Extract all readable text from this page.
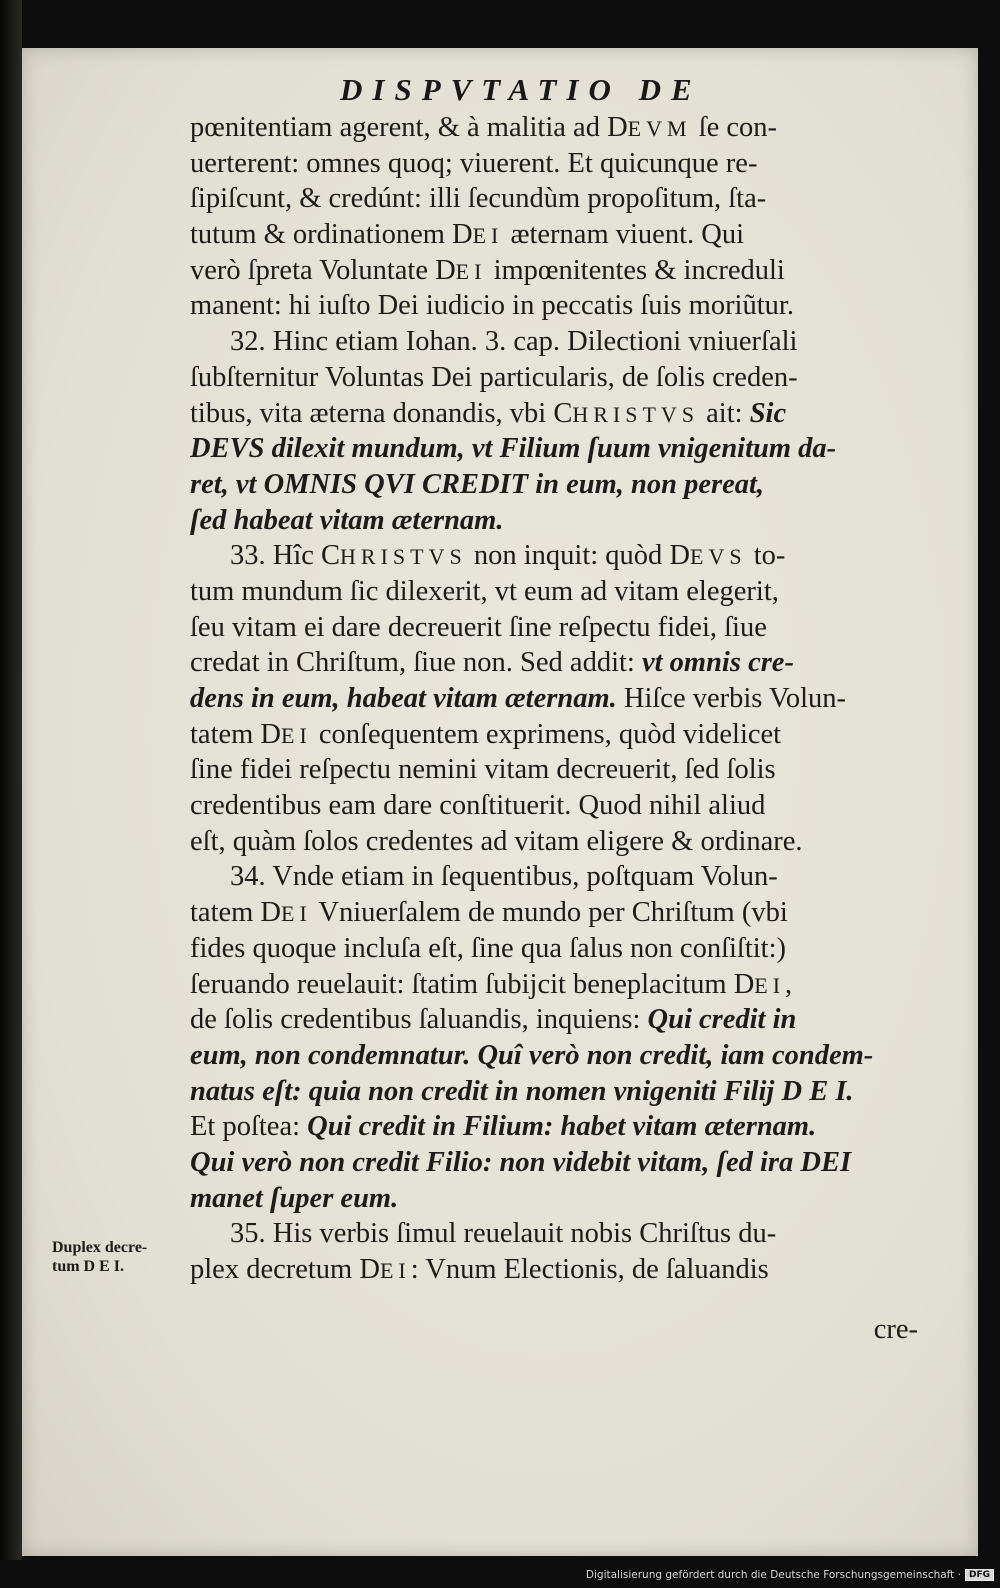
DISPVTATIO DE
Duplex decre-
tum D E I.
pœnitentiam agerent, & à malitia ad DEVM ſe con-
uerterent: omnes quoq; viuerent. Et quicunque re-
ſipiſcunt, & credúnt: illi ſecundùm propoſitum, ſta-
tutum & ordinationem DEI æternam viuent. Qui
verò ſpreta Voluntate DEI impœnitentes & increduli
manent: hi iuſto Dei iudicio in peccatis ſuis moriũtur.
32. Hinc etiam Iohan. 3. cap. Dilectioni vniuerſali
ſubſternitur Voluntas Dei particularis, de ſolis creden-
tibus, vita æterna donandis, vbi CHRISTVS ait: Sic
DEVS dilexit mundum, vt Filium ſuum vnigenitum da-
ret, vt OMNIS QVI CREDIT in eum, non pereat,
ſed habeat vitam æternam.
33. Hîc CHRISTVS non inquit: quòd DEVS to-
tum mundum ſic dilexerit, vt eum ad vitam elegerit,
ſeu vitam ei dare decreuerit ſine reſpectu fidei, ſiue
credat in Chriſtum, ſiue non. Sed addit: vt omnis cre-
dens in eum, habeat vitam æternam. Hiſce verbis Volun-
tatem DEI conſequentem exprimens, quòd videlicet
ſine fidei reſpectu nemini vitam decreuerit, ſed ſolis
credentibus eam dare conſtituerit. Quod nihil aliud
eſt, quàm ſolos credentes ad vitam eligere & ordinare.
34. Vnde etiam in ſequentibus, poſtquam Volun-
tatem DEI Vniuerſalem de mundo per Chriſtum (vbi
fides quoque incluſa eſt, ſine qua ſalus non conſiſtit:)
ſeruando reuelauit: ſtatim ſubijcit beneplacitum DEI,
de ſolis credentibus ſaluandis, inquiens: Qui credit in
eum, non condemnatur. Quî verò non credit, iam condem-
natus eſt: quia non credit in nomen vnigeniti Filij D E I.
Et poſtea: Qui credit in Filium: habet vitam æternam.
Qui verò non credit Filio: non videbit vitam, ſed ira DEI
manet ſuper eum.
35. His verbis ſimul reuelauit nobis Chriſtus du-
plex decretum DEI: Vnum Electionis, de ſaluandis
cre-
Digitalisierung gefördert durch die Deutsche Forschungsgemeinschaft · DFG
